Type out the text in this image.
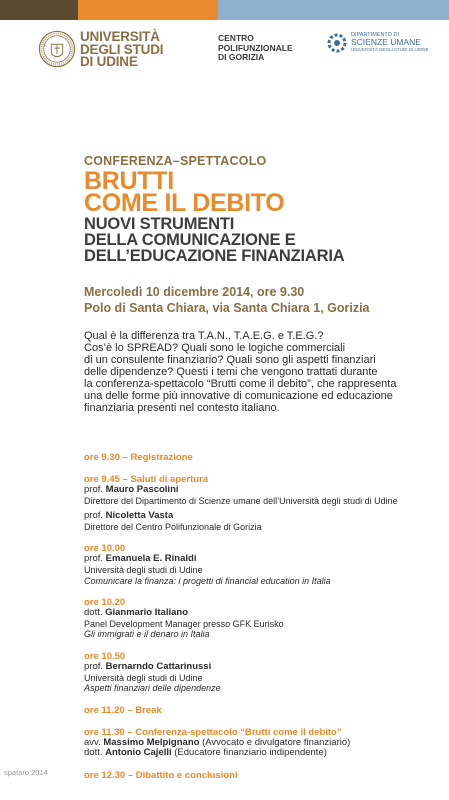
UNIVERSITÀ
DEGLI STUDI
DI UDINE
CENTRO
POLIFUNZIONALE
DI GORIZIA
DIPARTIMENTO DI
SCIENZE UMANE
UNIVERSITÀ DEGLI STUDI DI UDINE
CONFERENZA–SPETTACOLO
BRUTTI
COME IL DEBITO
NUOVI STRUMENTI
DELLA COMUNICAZIONE E
DELL’EDUCAZIONE FINANZIARIA
Mercoledì 10 dicembre 2014, ore 9.30
Polo di Santa Chiara, via Santa Chiara 1, Gorizia

Qual è la differenza tra T.A.N., T.A.E.G. e T.E.G.?

Cos’è lo SPREAD? Quali sono le logiche commerciali

di un consulente finanziario? Quali sono gli aspetti finanziari

delle dipendenze? Questi i temi che vengono trattati durante

la conferenza-spettacolo “Brutti come il debito”, che rappresenta

una delle forme più innovative di comunicazione ed educazione

finanziaria presenti nel contesto italiano.

ore 9.30 – Registrazione
ore 9.45 – Saluti di apertura
prof. Mauro Pascolini
Direttore del Dipartimento di Scienze umane dell’Università degli studi di Udine
prof. Nicoletta Vasta
Direttore del Centro Polifunzionale di Gorizia
ore 10.00
prof. Emanuela E. Rinaldi
Università degli studi di Udine
Comunicare la finanza: i progetti di financial education in Italia
ore 10.20
dott. Gianmario Italiano
Panel Development Manager presso GFK Eurisko
Gli immigrati e il denaro in Italia
ore 10.50
prof. Bernarndo Cattarinussi
Università degli studi di Udine
Aspetti finanziari delle dipendenze
ore 11.20 – Break
ore 11.30 – Conferenza-spettacolo “Brutti come il debito”
avv. Massimo Melpignano (Avvocato e divulgatore finanziario)
dott. Antonio Cajelli (Educatore finanziario indipendente)
ore 12.30 – Dibattito e conclusioni
spataro 2014
